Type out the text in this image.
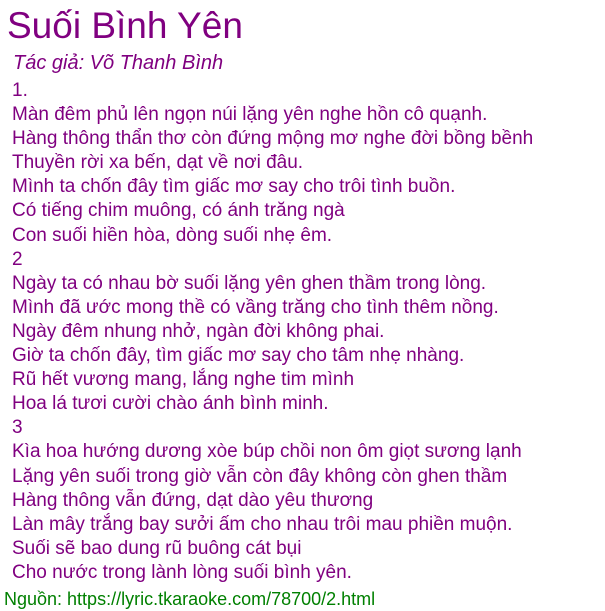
Suối Bình Yên
Tác giả: Võ Thanh Bình
1.
Màn đêm phủ lên ngọn núi lặng yên nghe hồn cô quạnh.
Hàng thông thẩn thơ còn đứng mộng mơ nghe đời bồng bềnh
Thuyền rời xa bến, dạt về nơi đâu.
Mình ta chốn đây tìm giấc mơ say cho trôi tình buồn.
Có tiếng chim muông, có ánh trăng ngà
Con suối hiền hòa, dòng suối nhẹ êm.
2
Ngày ta có nhau bờ suối lặng yên ghen thầm trong lòng.
Mình đã ước mong thề có vầng trăng cho tình thêm nồng.
Ngày đêm nhung nhở, ngàn đời không phai.
Giờ ta chốn đây, tìm giấc mơ say cho tâm nhẹ nhàng.
Rũ hết vương mang, lắng nghe tim mình
Hoa lá tươi cười chào ánh bình minh.
3
Kìa hoa hướng dương xòe búp chồi non ôm giọt sương lạnh
Lặng yên suối trong giờ vẫn còn đây không còn ghen thầm
Hàng thông vẫn đứng, dạt dào yêu thương
Làn mây trắng bay sưởi ấm cho nhau trôi mau phiền muộn.
Suối sẽ bao dung rũ buông cát bụi
Cho nước trong lành lòng suối bình yên.
Nguồn: https://lyric.tkaraoke.com/78700/2.html
